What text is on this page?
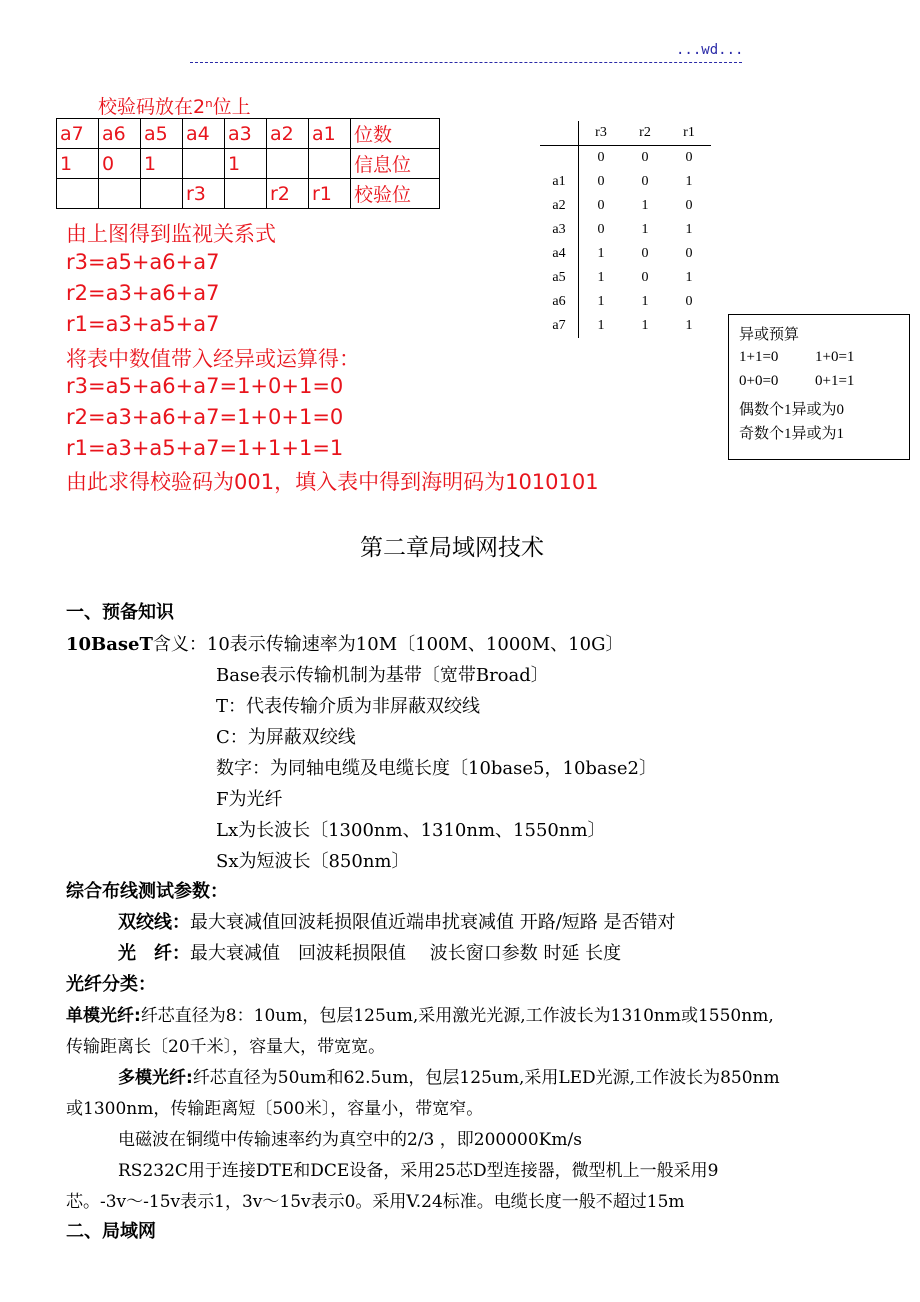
...wd...
校验码放在2ⁿ位上
a7	a6	a5	a4	a3	a2	a1	位数
1	0	1		1			信息位
			r3		r2	r1	校验位
由上图得到监视关系式
r3=a5+a6+a7
r2=a3+a6+a7
r1=a3+a5+a7
将表中数值带入经异或运算得：
r3=a5+a6+a7=1+0+1=0
r2=a3+a6+a7=1+0+1=0
r1=a3+a5+a7=1+1+1=1
由此求得校验码为001，填入表中得到海明码为1010101
	r3	r2	r1
	0	0	0
a1	0	0	1
a2	0	1	0
a3	0	1	1
a4	1	0	0
a5	1	0	1
a6	1	1	0
a7	1	1	1
异或预算
1+1=0 1+0=1
0+0=0 0+1=1
偶数个1异或为0
奇数个1异或为1
第二章局域网技术
一、预备知识
10BaseT含义：10表示传输速率为10M〔100M、1000M、10G〕
Base表示传输机制为基带〔宽带Broad〕
T：代表传输介质为非屏蔽双绞线
C：为屏蔽双绞线
数字：为同轴电缆及电缆长度〔10base5，10base2〕
F为光纤
Lx为长波长〔1300nm、1310nm、1550nm〕
Sx为短波长〔850nm〕
综合布线测试参数：
双绞线：最大衰减值回波耗损限值近端串扰衰减值 开路/短路 是否错对
光　纤：最大衰减值　回波耗损限值　 波长窗口参数 时延 长度
光纤分类：
单模光纤:纤芯直径为8：10um，包层125um,采用激光光源,工作波长为1310nm或1550nm,
传输距离长〔20千米〕，容量大，带宽宽。
多模光纤:纤芯直径为50um和62.5um，包层125um,采用LED光源,工作波长为850nm
或1300nm，传输距离短〔500米〕，容量小，带宽窄。
电磁波在铜缆中传输速率约为真空中的2/3 ，即200000Km/s
RS232C用于连接DTE和DCE设备，采用25芯D型连接器，微型机上一般采用9
芯。-3v～-15v表示1，3v～15v表示0。采用V.24标准。电缆长度一般不超过15m
二、局域网
